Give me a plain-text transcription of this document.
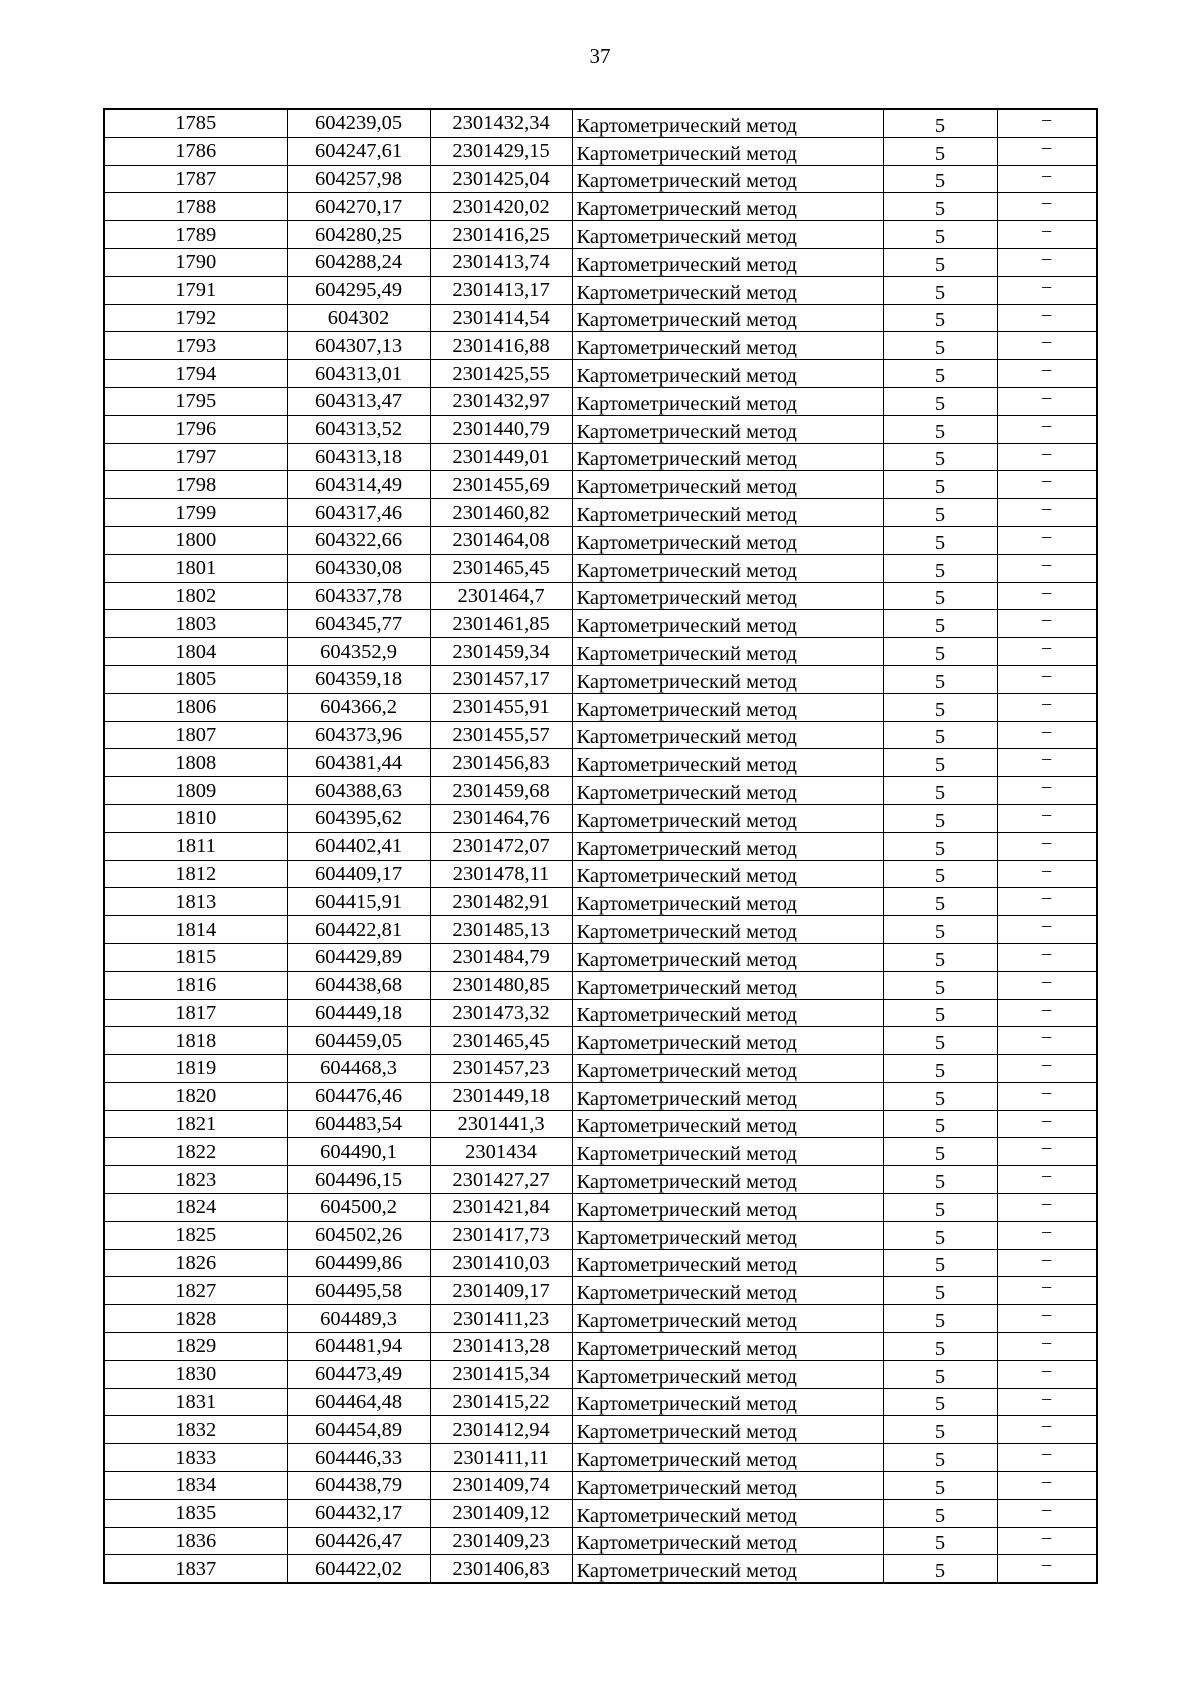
37
1785	604239,05	2301432,34	Картометрический метод	5	–
1786	604247,61	2301429,15	Картометрический метод	5	–
1787	604257,98	2301425,04	Картометрический метод	5	–
1788	604270,17	2301420,02	Картометрический метод	5	–
1789	604280,25	2301416,25	Картометрический метод	5	–
1790	604288,24	2301413,74	Картометрический метод	5	–
1791	604295,49	2301413,17	Картометрический метод	5	–
1792	604302	2301414,54	Картометрический метод	5	–
1793	604307,13	2301416,88	Картометрический метод	5	–
1794	604313,01	2301425,55	Картометрический метод	5	–
1795	604313,47	2301432,97	Картометрический метод	5	–
1796	604313,52	2301440,79	Картометрический метод	5	–
1797	604313,18	2301449,01	Картометрический метод	5	–
1798	604314,49	2301455,69	Картометрический метод	5	–
1799	604317,46	2301460,82	Картометрический метод	5	–
1800	604322,66	2301464,08	Картометрический метод	5	–
1801	604330,08	2301465,45	Картометрический метод	5	–
1802	604337,78	2301464,7	Картометрический метод	5	–
1803	604345,77	2301461,85	Картометрический метод	5	–
1804	604352,9	2301459,34	Картометрический метод	5	–
1805	604359,18	2301457,17	Картометрический метод	5	–
1806	604366,2	2301455,91	Картометрический метод	5	–
1807	604373,96	2301455,57	Картометрический метод	5	–
1808	604381,44	2301456,83	Картометрический метод	5	–
1809	604388,63	2301459,68	Картометрический метод	5	–
1810	604395,62	2301464,76	Картометрический метод	5	–
1811	604402,41	2301472,07	Картометрический метод	5	–
1812	604409,17	2301478,11	Картометрический метод	5	–
1813	604415,91	2301482,91	Картометрический метод	5	–
1814	604422,81	2301485,13	Картометрический метод	5	–
1815	604429,89	2301484,79	Картометрический метод	5	–
1816	604438,68	2301480,85	Картометрический метод	5	–
1817	604449,18	2301473,32	Картометрический метод	5	–
1818	604459,05	2301465,45	Картометрический метод	5	–
1819	604468,3	2301457,23	Картометрический метод	5	–
1820	604476,46	2301449,18	Картометрический метод	5	–
1821	604483,54	2301441,3	Картометрический метод	5	–
1822	604490,1	2301434	Картометрический метод	5	–
1823	604496,15	2301427,27	Картометрический метод	5	–
1824	604500,2	2301421,84	Картометрический метод	5	–
1825	604502,26	2301417,73	Картометрический метод	5	–
1826	604499,86	2301410,03	Картометрический метод	5	–
1827	604495,58	2301409,17	Картометрический метод	5	–
1828	604489,3	2301411,23	Картометрический метод	5	–
1829	604481,94	2301413,28	Картометрический метод	5	–
1830	604473,49	2301415,34	Картометрический метод	5	–
1831	604464,48	2301415,22	Картометрический метод	5	–
1832	604454,89	2301412,94	Картометрический метод	5	–
1833	604446,33	2301411,11	Картометрический метод	5	–
1834	604438,79	2301409,74	Картометрический метод	5	–
1835	604432,17	2301409,12	Картометрический метод	5	–
1836	604426,47	2301409,23	Картометрический метод	5	–
1837	604422,02	2301406,83	Картометрический метод	5	–
